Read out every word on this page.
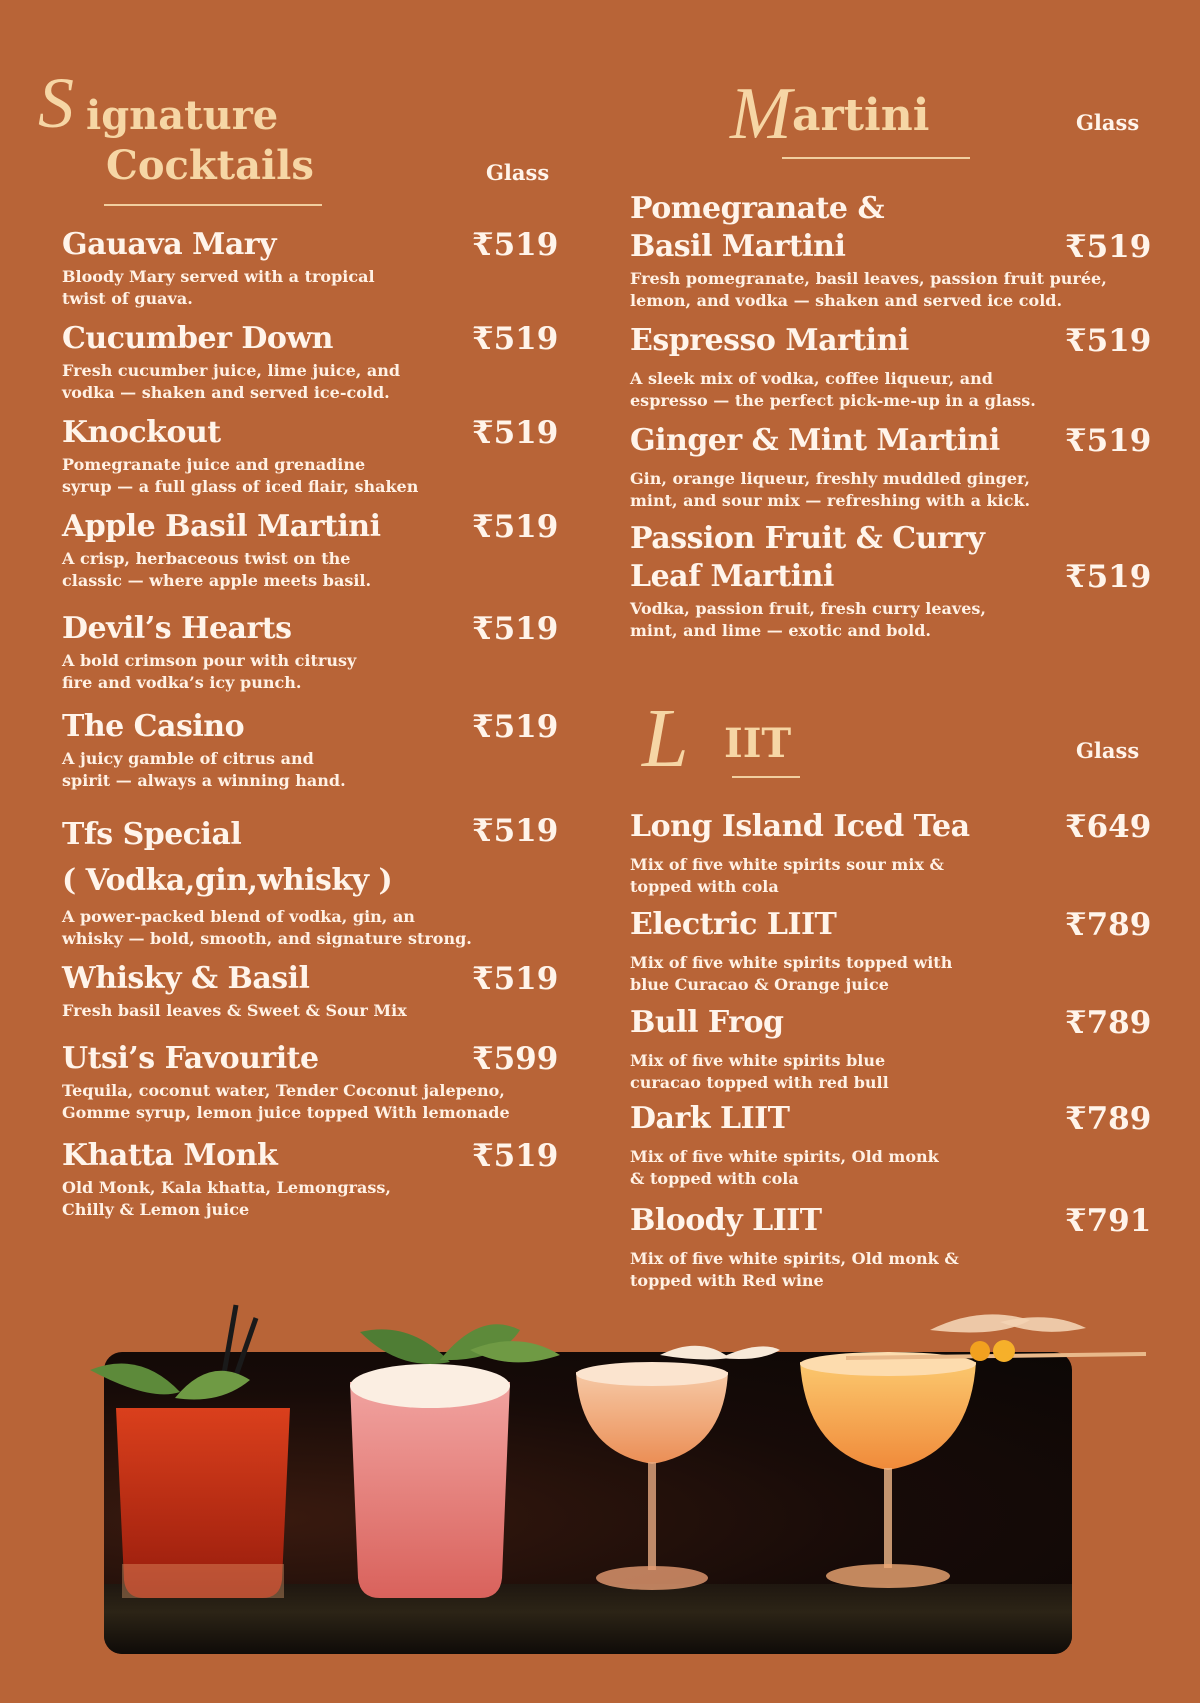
S ignature
Cocktails	Glass
M artini	Glass
L IIT	Glass
Gauava Mary
Bloody Mary served with a tropical
twist of guava.
₹519
Cucumber Down
Fresh cucumber juice, lime juice, and
vodka — shaken and served ice-cold.
₹519
Knockout
Pomegranate juice and grenadine
syrup — a full glass of iced flair, shaken
₹519
Apple Basil Martini
A crisp, herbaceous twist on the
classic — where apple meets basil.
₹519
Devil’s Hearts
A bold crimson pour with citrusy
fire and vodka’s icy punch.
₹519
The Casino
A juicy gamble of citrus and
spirit — always a winning hand.
₹519
Tfs Special
( Vodka,gin,whisky )
A power-packed blend of vodka, gin, an
whisky — bold, smooth, and signature strong.
₹519
Whisky & Basil
Fresh basil leaves & Sweet & Sour Mix
₹519
Utsi’s Favourite
Tequila, coconut water, Tender Coconut jalepeno,
Gomme syrup, lemon juice topped With lemonade
₹599
Khatta Monk
Old Monk, Kala khatta, Lemongrass,
Chilly & Lemon juice
₹519
Pomegranate &
Basil Martini
Fresh pomegranate, basil leaves, passion fruit purée,
lemon, and vodka — shaken and served ice cold.
₹519
Espresso Martini
A sleek mix of vodka, coffee liqueur, and
espresso — the perfect pick-me-up in a glass.
₹519
Ginger & Mint Martini
Gin, orange liqueur, freshly muddled ginger,
mint, and sour mix — refreshing with a kick.
₹519
Passion Fruit & Curry
Leaf Martini
Vodka, passion fruit, fresh curry leaves,
mint, and lime — exotic and bold.
₹519
Long Island Iced Tea
Mix of five white spirits sour mix &
topped with cola
₹649
Electric LIIT
Mix of five white spirits topped with
blue Curacao & Orange juice
₹789
Bull Frog
Mix of five white spirits blue
curacao topped with red bull
₹789
Dark LIIT
Mix of five white spirits, Old monk
& topped with cola
₹789
Bloody LIIT
Mix of five white spirits, Old monk &
topped with Red wine
₹791
